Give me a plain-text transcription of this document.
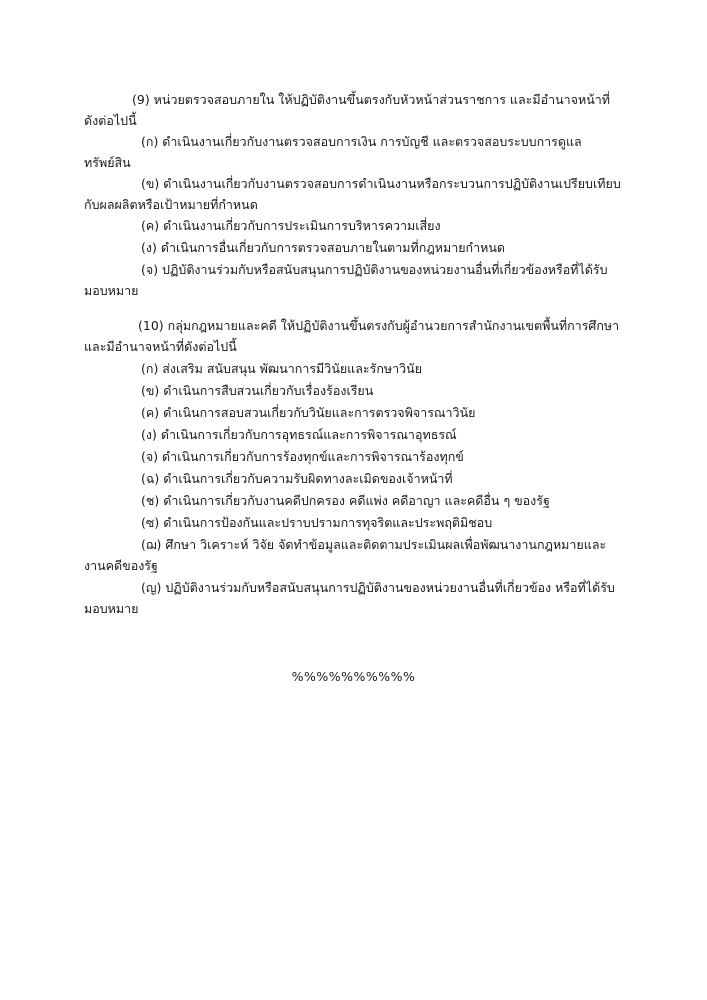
(9) หน่วยตรวจสอบภายใน ให้ปฏิบัติงานขึ้นตรงกับหัวหน้าส่วนราชการ และมีอำนาจหน้าที่ดังต่อไปนี้

(ก) ดำเนินงานเกี่ยวกับงานตรวจสอบการเงิน การบัญชี และตรวจสอบระบบการดูแล ทรัพย์สิน

(ข) ดำเนินงานเกี่ยวกับงานตรวจสอบการดำเนินงานหรือกระบวนการปฏิบัติงานเปรียบเทียบกับผลผลิตหรือเป้าหมายที่กำหนด

(ค) ดำเนินงานเกี่ยวกับการประเมินการบริหารความเสี่ยง

(ง) ดำเนินการอื่นเกี่ยวกับการตรวจสอบภายในตามที่กฎหมายกำหนด

(จ) ปฏิบัติงานร่วมกับหรือสนับสนุนการปฏิบัติงานของหน่วยงานอื่นที่เกี่ยวข้องหรือที่ได้รับมอบหมาย

(10) กลุ่มกฎหมายและคดี ให้ปฏิบัติงานขึ้นตรงกับผู้อำนวยการสำนักงานเขตพื้นที่การศึกษาและมีอำนาจหน้าที่ดังต่อไปนี้

(ก) ส่งเสริม สนับสนุน พัฒนาการมีวินัยและรักษาวินัย

(ข) ดำเนินการสืบสวนเกี่ยวกับเรื่องร้องเรียน

(ค) ดำเนินการสอบสวนเกี่ยวกับวินัยและการตรวจพิจารณาวินัย

(ง) ดำเนินการเกี่ยวกับการอุทธรณ์และการพิจารณาอุทธรณ์

(จ) ดำเนินการเกี่ยวกับการร้องทุกข์และการพิจารณาร้องทุกข์

(ฉ) ดำเนินการเกี่ยวกับความรับผิดทางละเมิดของเจ้าหน้าที่

(ช) ดำเนินการเกี่ยวกับงานคดีปกครอง คดีแพ่ง คดีอาญา และคดีอื่น ๆ ของรัฐ

(ซ) ดำเนินการป้องกันและปราบปรามการทุจริตและประพฤติมิชอบ

(ฌ) ศึกษา วิเคราะห์ วิจัย จัดทำข้อมูลและติดตามประเมินผลเพื่อพัฒนางานกฎหมายและงานคดีของรัฐ

(ญ) ปฏิบัติงานร่วมกับหรือสนับสนุนการปฏิบัติงานของหน่วยงานอื่นที่เกี่ยวข้อง หรือที่ได้รับมอบหมาย

%%%%%%%%%%
